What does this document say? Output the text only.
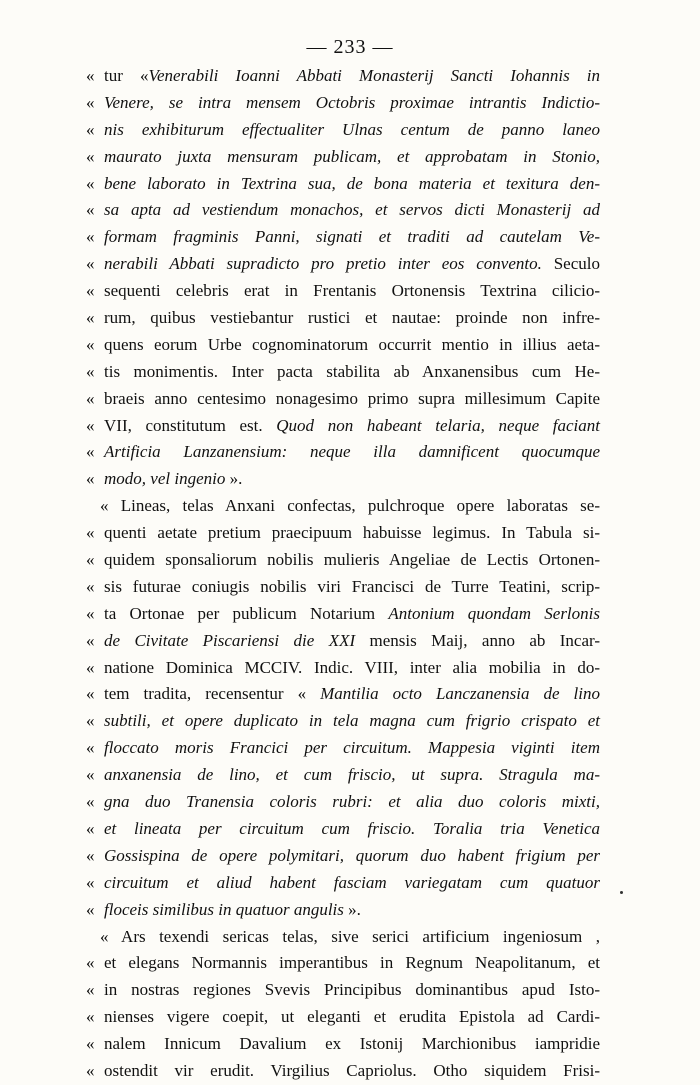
— 233 —
« tur «Venerabili Ioanni Abbati Monasterij Sancti Iohannis in
« Venere, se intra mensem Octobris proximae intrantis Indictio-
« nis exhibiturum effectualiter Ulnas centum de panno laneo
« maurato juxta mensuram publicam, et approbatam in Stonio,
« bene laborato in Textrina sua, de bona materia et texitura den-
« sa apta ad vestiendum monachos, et servos dicti Monasterij ad
« formam fragminis Panni, signati et traditi ad cautelam Ve-
« nerabili Abbati supradicto pro pretio inter eos convento. Seculo
« sequenti celebris erat in Frentanis Ortonensis Textrina cilicio-
« rum, quibus vestiebantur rustici et nautae: proinde non infre-
« quens eorum Urbe cognominatorum occurrit mentio in illius aeta-
« tis monimentis. Inter pacta stabilita ab Anxanensibus cum He-
« braeis anno centesimo nonagesimo primo supra millesimum Capite
« VII, constitutum est. Quod non habeant telaria, neque faciant
« Artificia Lanzanensium: neque illa damnificent quocumque
« modo, vel ingenio ».
« Lineas, telas Anxani confectas, pulchroque opere laboratas se-
« quenti aetate pretium praecipuum habuisse legimus. In Tabula si-
« quidem sponsaliorum nobilis mulieris Angeliae de Lectis Ortonen-
« sis futurae coniugis nobilis viri Francisci de Turre Teatini, scrip-
« ta Ortonae per publicum Notarium Antonium quondam Serlonis
« de Civitate Piscariensi die XXI mensis Maij, anno ab Incar-
« natione Dominica MCCIV. Indic. VIII, inter alia mobilia in do-
« tem tradita, recensentur « Mantilia octo Lanczanensia de lino
« subtili, et opere duplicato in tela magna cum frigrio crispato et
« floccato moris Francici per circuitum. Mappesia viginti item
« anxanensia de lino, et cum friscio, ut supra. Stragula ma-
« gna duo Tranensia coloris rubri: et alia duo coloris mixti,
« et lineata per circuitum cum friscio. Toralia tria Venetica
« Gossispina de opere polymitari, quorum duo habent frigium per
« circuitum et aliud habent fasciam variegatam cum quatuor
« floceis similibus in quatuor angulis ».
« Ars texendi sericas telas, sive serici artificium ingeniosum ,
« et elegans Normannis imperantibus in Regnum Neapolitanum, et
« in nostras regiones Svevis Principibus dominantibus apud Isto-
« nienses vigere coepit, ut eleganti et erudita Epistola ad Cardi-
« nalem Innicum Davalium ex Istonij Marchionibus iampridie
« ostendit vir erudit. Virgilius Capriolus. Otho siquidem Frisi-
